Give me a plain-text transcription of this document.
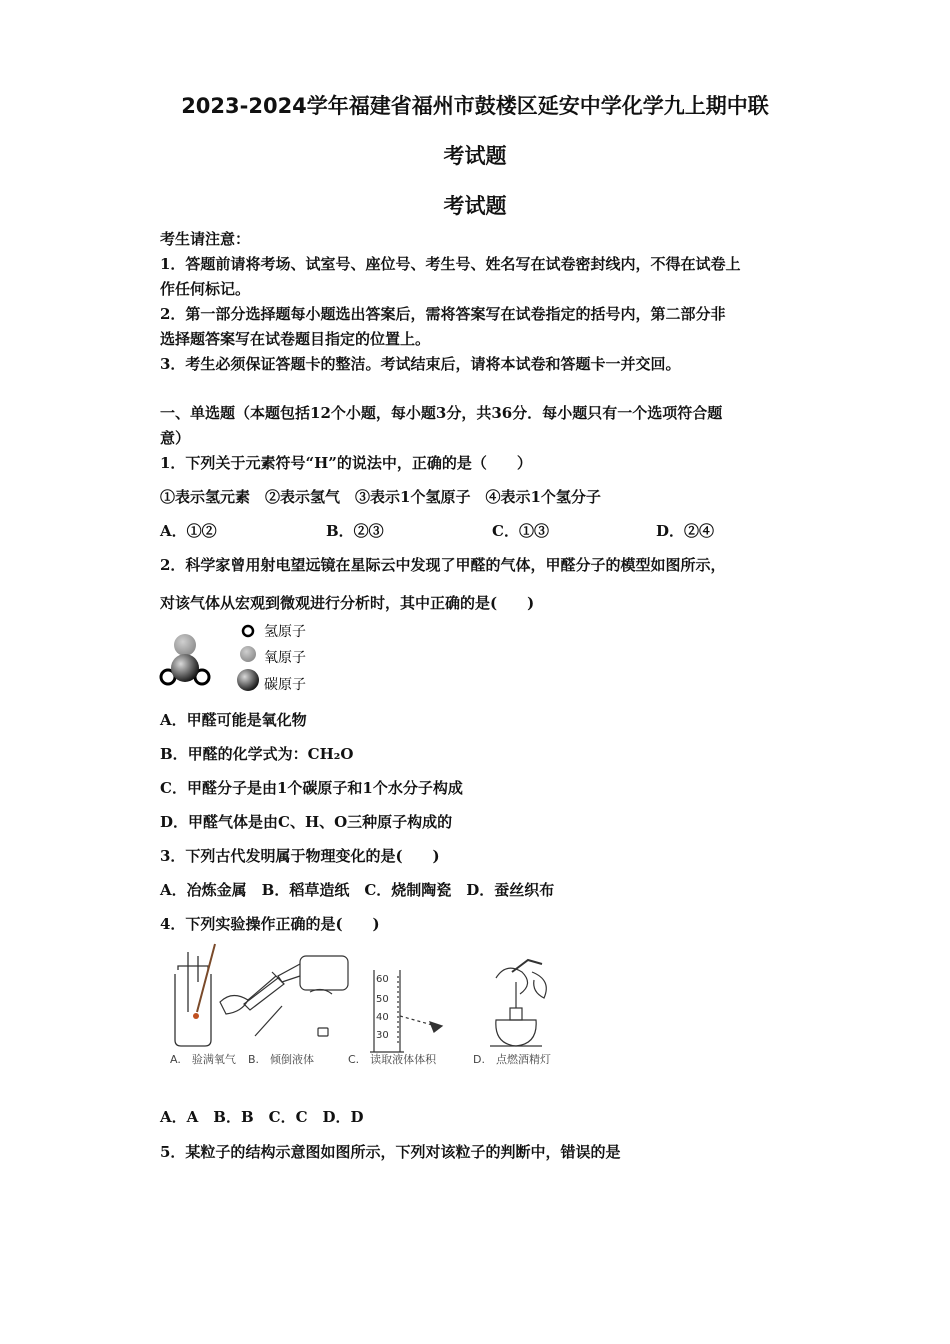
2023-2024学年福建省福州市鼓楼区延安中学化学九上期中联
考试题
考试题
考生请注意：
1．答题前请将考场、试室号、座位号、考生号、姓名写在试卷密封线内，不得在试卷上
作任何标记。
2．第一部分选择题每小题选出答案后，需将答案写在试卷指定的括号内，第二部分非
选择题答案写在试卷题目指定的位置上。
3．考生必须保证答题卡的整洁。考试结束后，请将本试卷和答题卡一并交回。
一、单选题（本题包括12个小题，每小题3分，共36分．每小题只有一个选项符合题
意）
1．下列关于元素符号“H”的说法中，正确的是（　　）
①表示氢元素　②表示氢气　③表示1个氢原子　④表示1个氢分子
A．①②	B．②③	C．①③	D．②④
2．科学家曾用射电望远镜在星际云中发现了甲醛的气体，甲醛分子的模型如图所示，
对该气体从宏观到微观进行分析时，其中正确的是(　　)
氢原子
氧原子
碳原子
A．甲醛可能是氧化物
B．甲醛的化学式为：CH₂O
C．甲醛分子是由1个碳原子和1个水分子构成
D．甲醛气体是由C、H、O三种原子构成的
3．下列古代发明属于物理变化的是(　　)
A．冶炼金属　B．稻草造纸　C．烧制陶瓷　D．蚕丝织布
4．下列实验操作正确的是(　　)
60
50
40
30
A.　验满氧气 B.　倾倒液体	C.　读取液体体积	D.　点燃酒精灯
A．A　B．B　C．C　D．D
5．某粒子的结构示意图如图所示，下列对该粒子的判断中，错误的是
